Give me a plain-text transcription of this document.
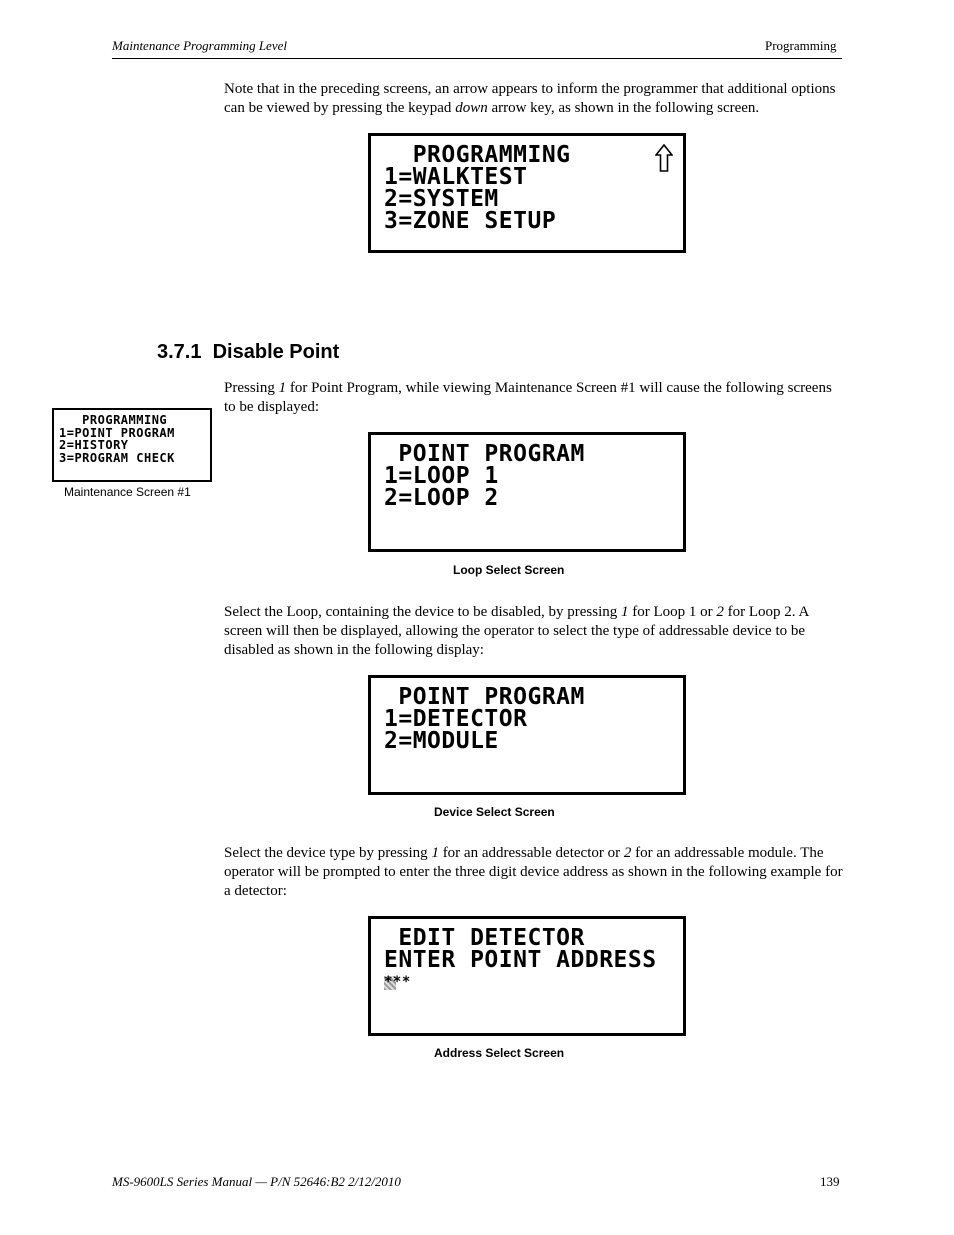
Maintenance Programming Level	Programming
Note that in the preceding screens, an arrow appears to inform the programmer that additional options can be viewed by pressing the keypad down arrow key, as shown in the following screen.
PROGRAMMING
1=WALKTEST
2=SYSTEM
3=ZONE SETUP
3.7.1 Disable Point
Pressing 1 for Point Program, while viewing Maintenance Screen #1 will cause the following screens to be displayed:
PROGRAMMING
1=POINT PROGRAM
2=HISTORY
3=PROGRAM CHECK
Maintenance Screen #1
POINT PROGRAM
1=LOOP 1
2=LOOP 2
Loop Select Screen
Select the Loop, containing the device to be disabled, by pressing 1 for Loop 1 or 2 for Loop 2. A screen will then be displayed, allowing the operator to select the type of addressable device to be disabled as shown in the following display:
POINT PROGRAM
1=DETECTOR
2=MODULE
Device Select Screen
Select the device type by pressing 1 for an addressable detector or 2 for an addressable module. The operator will be prompted to enter the three digit device address as shown in the following example for a detector:
EDIT DETECTOR
ENTER POINT ADDRESS
***
Address Select Screen
MS-9600LS Series Manual — P/N 52646:B2 2/12/2010	139
